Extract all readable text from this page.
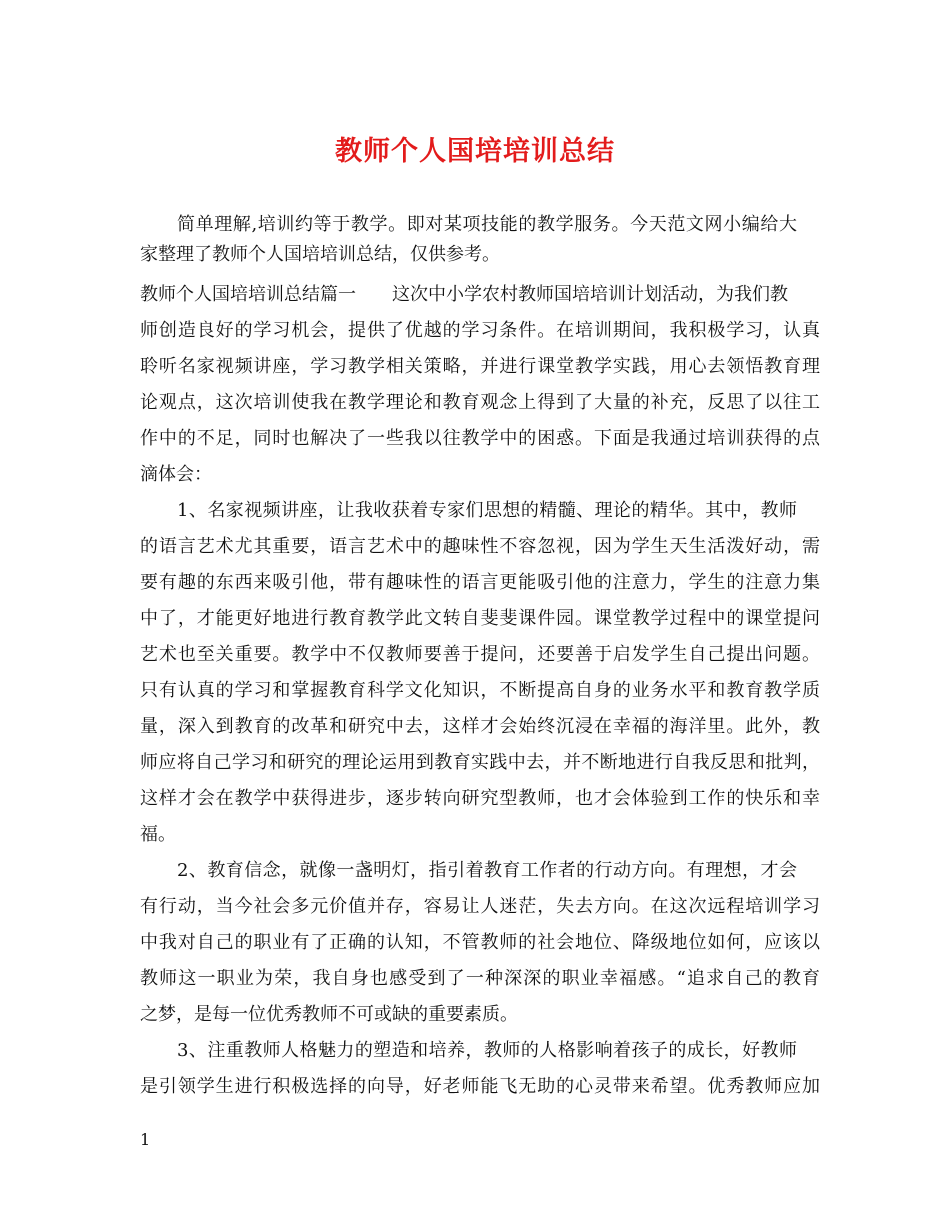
教师个人国培培训总结
简单理解,培训约等于教学。即对某项技能的教学服务。今天范文网小编给大
家整理了教师个人国培培训总结，仅供参考。
教师个人国培培训总结篇一 这次中小学农村教师国培培训计划活动，为我们教
师创造良好的学习机会，提供了优越的学习条件。在培训期间，我积极学习，认真
聆听名家视频讲座，学习教学相关策略，并进行课堂教学实践，用心去领悟教育理
论观点，这次培训使我在教学理论和教育观念上得到了大量的补充，反思了以往工
作中的不足，同时也解决了一些我以往教学中的困惑。下面是我通过培训获得的点
滴体会：
1、名家视频讲座，让我收获着专家们思想的精髓、理论的精华。其中，教师
的语言艺术尤其重要，语言艺术中的趣味性不容忽视，因为学生天生活泼好动，需
要有趣的东西来吸引他，带有趣味性的语言更能吸引他的注意力，学生的注意力集
中了，才能更好地进行教育教学此文转自斐斐课件园。课堂教学过程中的课堂提问
艺术也至关重要。教学中不仅教师要善于提问，还要善于启发学生自己提出问题。
只有认真的学习和掌握教育科学文化知识，不断提高自身的业务水平和教育教学质
量，深入到教育的改革和研究中去，这样才会始终沉浸在幸福的海洋里。此外，教
师应将自己学习和研究的理论运用到教育实践中去，并不断地进行自我反思和批判，
这样才会在教学中获得进步，逐步转向研究型教师，也才会体验到工作的快乐和幸
福。
2、教育信念，就像一盏明灯，指引着教育工作者的行动方向。有理想，才会
有行动，当今社会多元价值并存，容易让人迷茫，失去方向。在这次远程培训学习
中我对自己的职业有了正确的认知，不管教师的社会地位、降级地位如何，应该以
教师这一职业为荣，我自身也感受到了一种深深的职业幸福感。“追求自己的教育
之梦，是每一位优秀教师不可或缺的重要素质。
3、注重教师人格魅力的塑造和培养，教师的人格影响着孩子的成长，好教师
是引领学生进行积极选择的向导，好老师能飞无助的心灵带来希望。优秀教师应加
1
